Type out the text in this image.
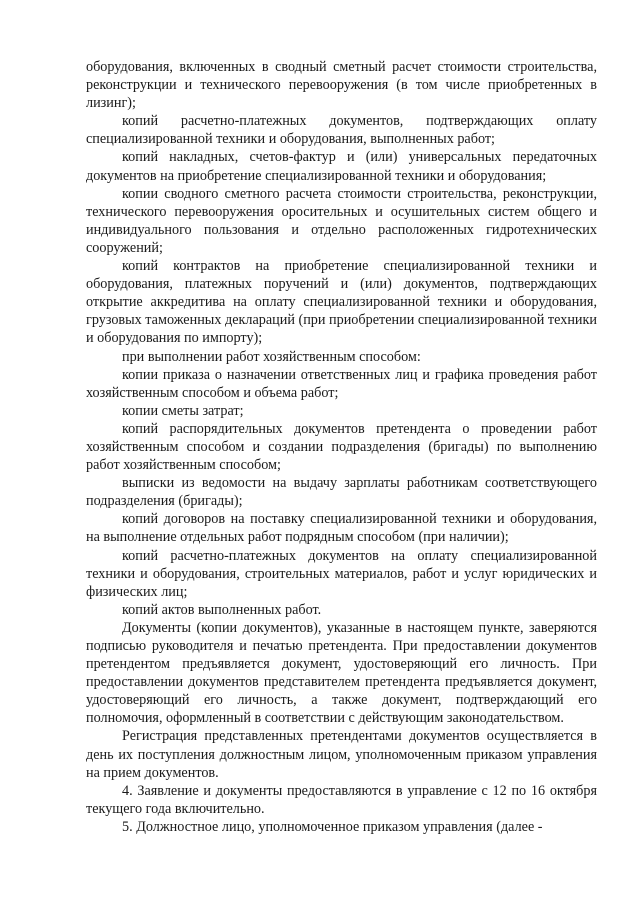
оборудования, включенных в сводный сметный расчет стоимости строительства, реконструкции и технического перевооружения (в том числе приобретенных в лизинг);

копий расчетно-платежных документов, подтверждающих оплату специализированной техники и оборудования, выполненных работ;

копий накладных, счетов-фактур и (или) универсальных передаточных документов на приобретение специализированной техники и оборудования;

копии сводного сметного расчета стоимости строительства, реконструкции, технического перевооружения оросительных и осушительных систем общего и индивидуального пользования и отдельно расположенных гидротехнических сооружений;

копий контрактов на приобретение специализированной техники и оборудования, платежных поручений и (или) документов, подтверждающих открытие аккредитива на оплату специализированной техники и оборудования, грузовых таможенных деклараций (при приобретении специализированной техники и оборудования по импорту);

при выполнении работ хозяйственным способом:

копии приказа о назначении ответственных лиц и графика проведения работ хозяйственным способом и объема работ;

копии сметы затрат;

копий распорядительных документов претендента о проведении работ хозяйственным способом и создании подразделения (бригады) по выполнению работ хозяйственным способом;

выписки из ведомости на выдачу зарплаты работникам соответствующего подразделения (бригады);

копий договоров на поставку специализированной техники и оборудования, на выполнение отдельных работ подрядным способом (при наличии);

копий расчетно-платежных документов на оплату специализированной техники и оборудования, строительных материалов, работ и услуг юридических и физических лиц;

копий актов выполненных работ.

Документы (копии документов), указанные в настоящем пункте, заверяются подписью руководителя и печатью претендента. При предоставлении документов претендентом предъявляется документ, удостоверяющий его личность. При предоставлении документов представителем претендента предъявляется документ, удостоверяющий его личность, а также документ, подтверждающий его полномочия, оформленный в соответствии с действующим законодательством.

Регистрация представленных претендентами документов осуществляется в день их поступления должностным лицом, уполномоченным приказом управления на прием документов.

4. Заявление и документы предоставляются в управление с 12 по 16 октября текущего года включительно.

5. Должностное лицо, уполномоченное приказом управления (далее -
